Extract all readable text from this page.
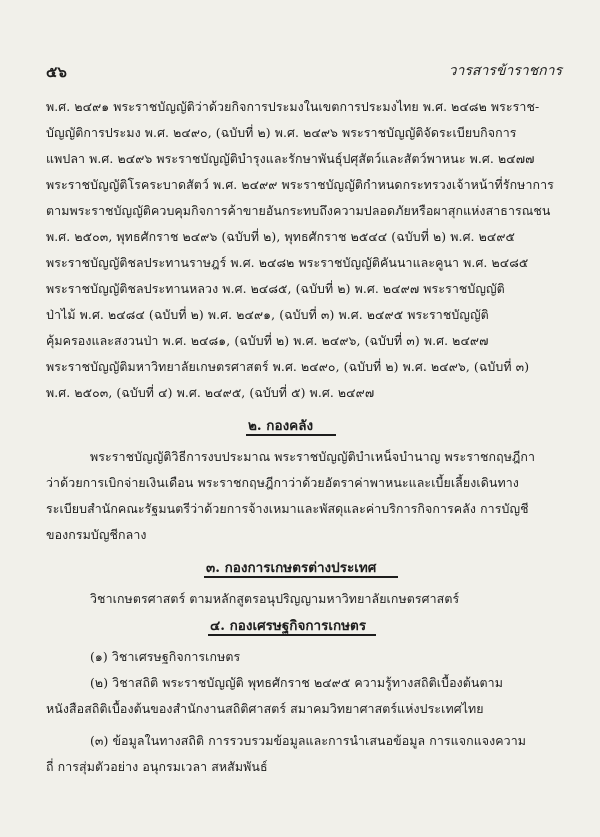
๕๖	วารสารข้าราชการ
พ.ศ. ๒๔๙๑ พระราชบัญญัติว่าด้วยกิจการประมงในเขตการประมงไทย พ.ศ. ๒๔๘๒ พระราช-
บัญญัติการประมง พ.ศ. ๒๔๙๐, (ฉบับที่ ๒) พ.ศ. ๒๔๙๖ พระราชบัญญัติจัดระเบียบกิจการ
แพปลา พ.ศ. ๒๔๙๖ พระราชบัญญัติบำรุงและรักษาพันธุ์ปศุสัตว์และสัตว์พาหนะ พ.ศ. ๒๔๗๗
พระราชบัญญัติโรคระบาดสัตว์ พ.ศ. ๒๔๙๙ พระราชบัญญัติกำหนดกระทรวงเจ้าหน้าที่รักษาการ
ตามพระราชบัญญัติควบคุมกิจการค้าขายอันกระทบถึงความปลอดภัยหรือผาสุกแห่งสาธารณชน
พ.ศ. ๒๕๐๓, พุทธศักราช ๒๔๙๖ (ฉบับที่ ๒), พุทธศักราช ๒๕๔๔ (ฉบับที่ ๒) พ.ศ. ๒๔๙๕
พระราชบัญญัติชลประทานราษฎร์ พ.ศ. ๒๔๘๒ พระราชบัญญัติคันนาและคูนา พ.ศ. ๒๔๘๕
พระราชบัญญัติชลประทานหลวง พ.ศ. ๒๔๘๕, (ฉบับที่ ๒) พ.ศ. ๒๔๙๗ พระราชบัญญัติ
ป่าไม้ พ.ศ. ๒๔๘๔ (ฉบับที่ ๒) พ.ศ. ๒๔๙๑, (ฉบับที่ ๓) พ.ศ. ๒๔๙๕ พระราชบัญญัติ
คุ้มครองและสงวนป่า พ.ศ. ๒๔๘๑, (ฉบับที่ ๒) พ.ศ. ๒๔๙๖, (ฉบับที่ ๓) พ.ศ. ๒๔๙๗
พระราชบัญญัติมหาวิทยาลัยเกษตรศาสตร์ พ.ศ. ๒๔๙๐, (ฉบับที่ ๒) พ.ศ. ๒๔๙๖, (ฉบับที่ ๓)
พ.ศ. ๒๕๐๓, (ฉบับที่ ๔) พ.ศ. ๒๔๙๕, (ฉบับที่ ๕) พ.ศ. ๒๔๙๗
๒. กองคลัง
พระราชบัญญัติวิธีการงบประมาณ พระราชบัญญัติบำเหน็จบำนาญ พระราชกฤษฎีกา
ว่าด้วยการเบิกจ่ายเงินเดือน พระราชกฤษฎีกาว่าด้วยอัตราค่าพาหนะและเบี้ยเลี้ยงเดินทาง
ระเบียบสำนักคณะรัฐมนตรีว่าด้วยการจ้างเหมาและพัสดุและค่าบริการกิจการคลัง การบัญชี
ของกรมบัญชีกลาง
๓. กองการเกษตรต่างประเทศ
วิชาเกษตรศาสตร์ ตามหลักสูตรอนุปริญญามหาวิทยาลัยเกษตรศาสตร์
๔. กองเศรษฐกิจการเกษตร
(๑) วิชาเศรษฐกิจการเกษตร
(๒) วิชาสถิติ พระราชบัญญัติ พุทธศักราช ๒๔๙๕ ความรู้ทางสถิติเบื้องต้นตาม
หนังสือสถิติเบื้องต้นของสำนักงานสถิติศาสตร์ สมาคมวิทยาศาสตร์แห่งประเทศไทย
(๓) ข้อมูลในทางสถิติ การรวบรวมข้อมูลและการนำเสนอข้อมูล การแจกแจงความ
ถี่ การสุ่มตัวอย่าง อนุกรมเวลา สหสัมพันธ์
